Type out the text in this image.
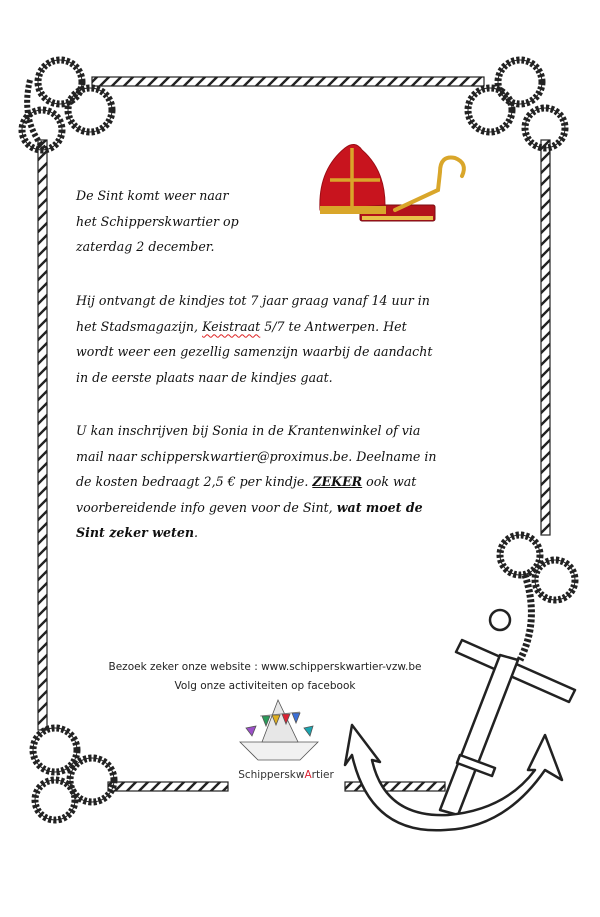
De Sint komt weer naar
het Schipperskwartier op
zaterdag 2 december.
Hij ontvangt de kindjes tot 7 jaar graag vanaf 14 uur in
het Stadsmagazijn, Keistraat 5/7 te Antwerpen. Het
wordt weer een gezellig samenzijn waarbij de aandacht
in de eerste plaats naar de kindjes gaat.
U kan inschrijven bij Sonia in de Krantenwinkel of via
mail naar schipperskwartier@proximus.be. Deelname in
de kosten bedraagt 2,5 € per kindje. ZEKER ook wat
voorbereidende info geven voor de Sint, wat moet de
Sint zeker weten.
Bezoek zeker onze website : www.schipperskwartier-vzw.be
Volg onze activiteiten op facebook
SchipperskwArtier
